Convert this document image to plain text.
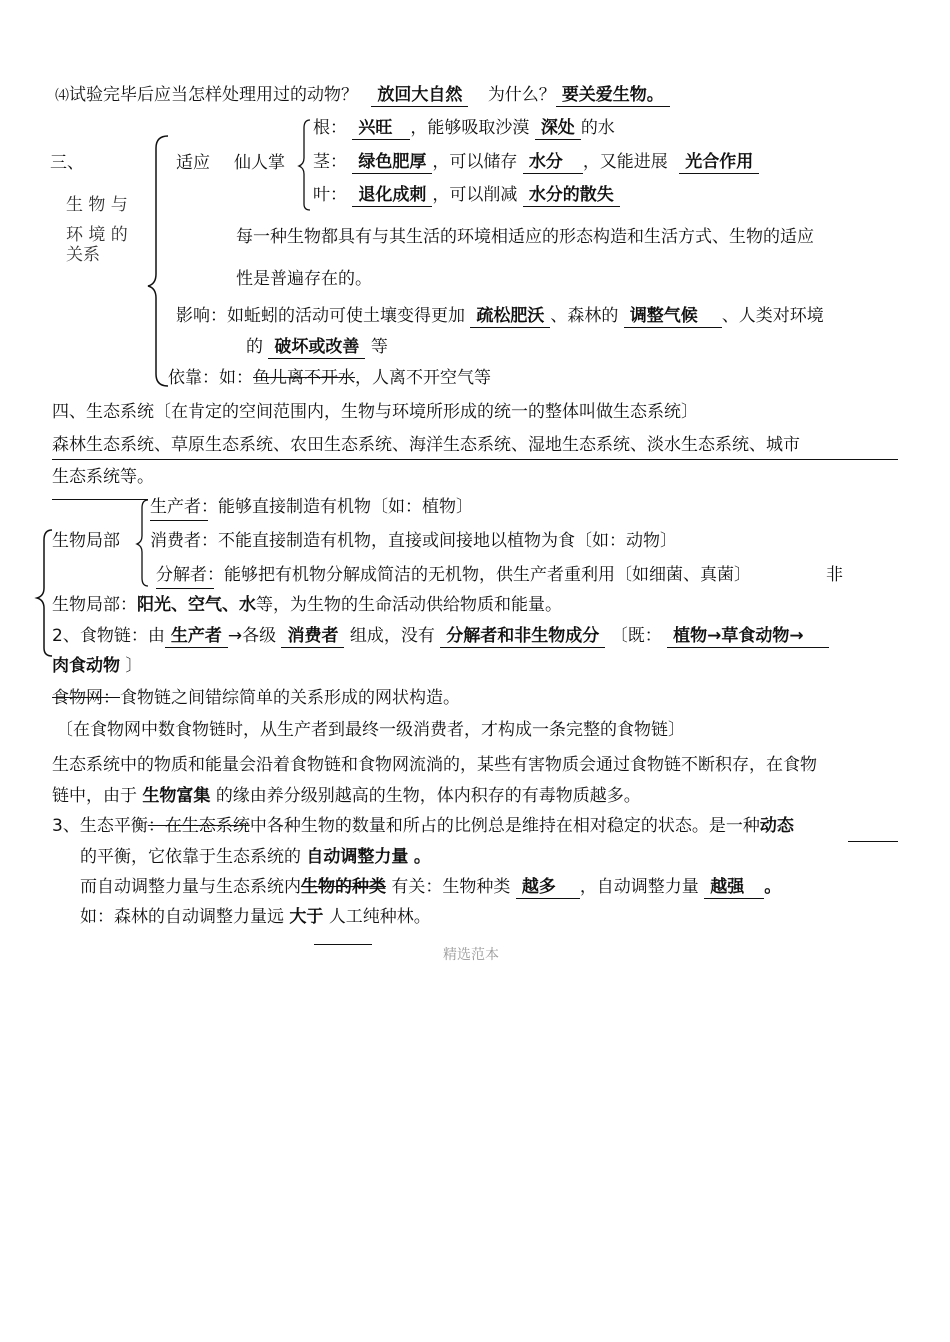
⑷试验完毕后应当怎样处理用过的动物？ 放回大自然 为什么？ 要关爱生物。
三、
生 物 与
环 境 的
关系
适应 仙人掌
根： 兴旺 ，能够吸取沙漠 深处 的水
茎： 绿色肥厚 ，可以储存 水分 ，又能进展 光合作用
叶： 退化成刺 ，可以削减 水分的散失
每一种生物都具有与其生活的环境相适应的形态构造和生活方式、生物的适应
性是普遍存在的。
影响：如蚯蚓的活动可使土壤变得更加 疏松肥沃 、森林的 调整气候 、人类对环境
的 破坏或改善 等
依靠：如：鱼儿离不开水，人离不开空气等
四、生态系统〔在肯定的空间范围内，生物与环境所形成的统一的整体叫做生态系统〕
森林生态系统、草原生态系统、农田生态系统、海洋生态系统、湿地生态系统、淡水生态系统、城市
生态系统等。
生产者：能够直接制造有机物〔如：植物〕
生物局部 消费者：不能直接制造有机物，直接或间接地以植物为食〔如：动物〕
分解者：能够把有机物分解成简洁的无机物，供生产者重利用〔如细菌、真菌〕	非
生物局部：阳光、空气、水等，为生物的生命活动供给物质和能量。
2、食物链：由 生产者 →各级 消费者 组成，没有 分解者和非生物成分 〔既： 植物→草食动物→
肉食动物 〕
食物网：食物链之间错综简单的关系形成的网状构造。
〔在食物网中数食物链时，从生产者到最终一级消费者，才构成一条完整的食物链〕
生态系统中的物质和能量会沿着食物链和食物网流淌的，某些有害物质会通过食物链不断积存，在食物
链中，由于 生物富集 的缘由养分级别越高的生物，体内积存的有毒物质越多。
3、生态平衡：在生态系统中各种生物的数量和所占的比例总是维持在相对稳定的状态。是一种动态
的平衡，它依靠于生态系统的 自动调整力量 。
而自动调整力量与生态系统内生物的种类 有关：生物种类 越多 ，自动调整力量 越强 。
如：森林的自动调整力量远 大于 人工纯种林。
精选范本
